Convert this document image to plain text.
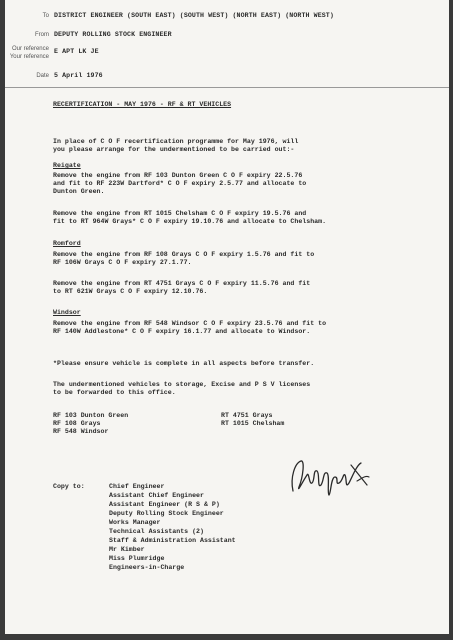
To DISTRICT ENGINEER (SOUTH EAST) (SOUTH WEST) (NORTH EAST) (NORTH WEST)
From DEPUTY ROLLING STOCK ENGINEER
Our reference
Your reference
E APT LK JE
Date 5 April 1976
RECERTIFICATION - MAY 1976 - RF & RT VEHICLES
In place of C O F recertification programme for May 1976, will
you please arrange for the undermentioned to be carried out:-
Reigate
Remove the engine from RF 103 Dunton Green C O F expiry 22.5.76
and fit to RF 223W Dartford* C O F expiry 2.5.77 and allocate to
Dunton Green.
Remove the engine from RT 1015 Chelsham C O F expiry 19.5.76 and
fit to RT 964W Grays* C O F expiry 19.10.76 and allocate to Chelsham.
Romford
Remove the engine from RF 108 Grays C O F expiry 1.5.76 and fit to
RF 106W Grays C O F expiry 27.1.77.
Remove the engine from RT 4751 Grays C O F expiry 11.5.76 and fit
to RT 621W Grays C O F expiry 12.10.76.
Windsor
Remove the engine from RF 548 Windsor C O F expiry 23.5.76 and fit to
RF 140W Addlestone* C O F expiry 16.1.77 and allocate to Windsor.
*Please ensure vehicle is complete in all aspects before transfer.
The undermentioned vehicles to storage, Excise and P S V licenses
to be forwarded to this office.
RF 103 Dunton Green
RF 108 Grays
RF 548 Windsor
RT 4751 Grays
RT 1015 Chelsham
Copy to:	Chief Engineer
Assistant Chief Engineer
Assistant Engineer (R S & P)
Deputy Rolling Stock Engineer
Works Manager
Technical Assistants (2)
Staff & Administration Assistant
Mr Kimber
Miss Plumridge
Engineers-in-Charge
